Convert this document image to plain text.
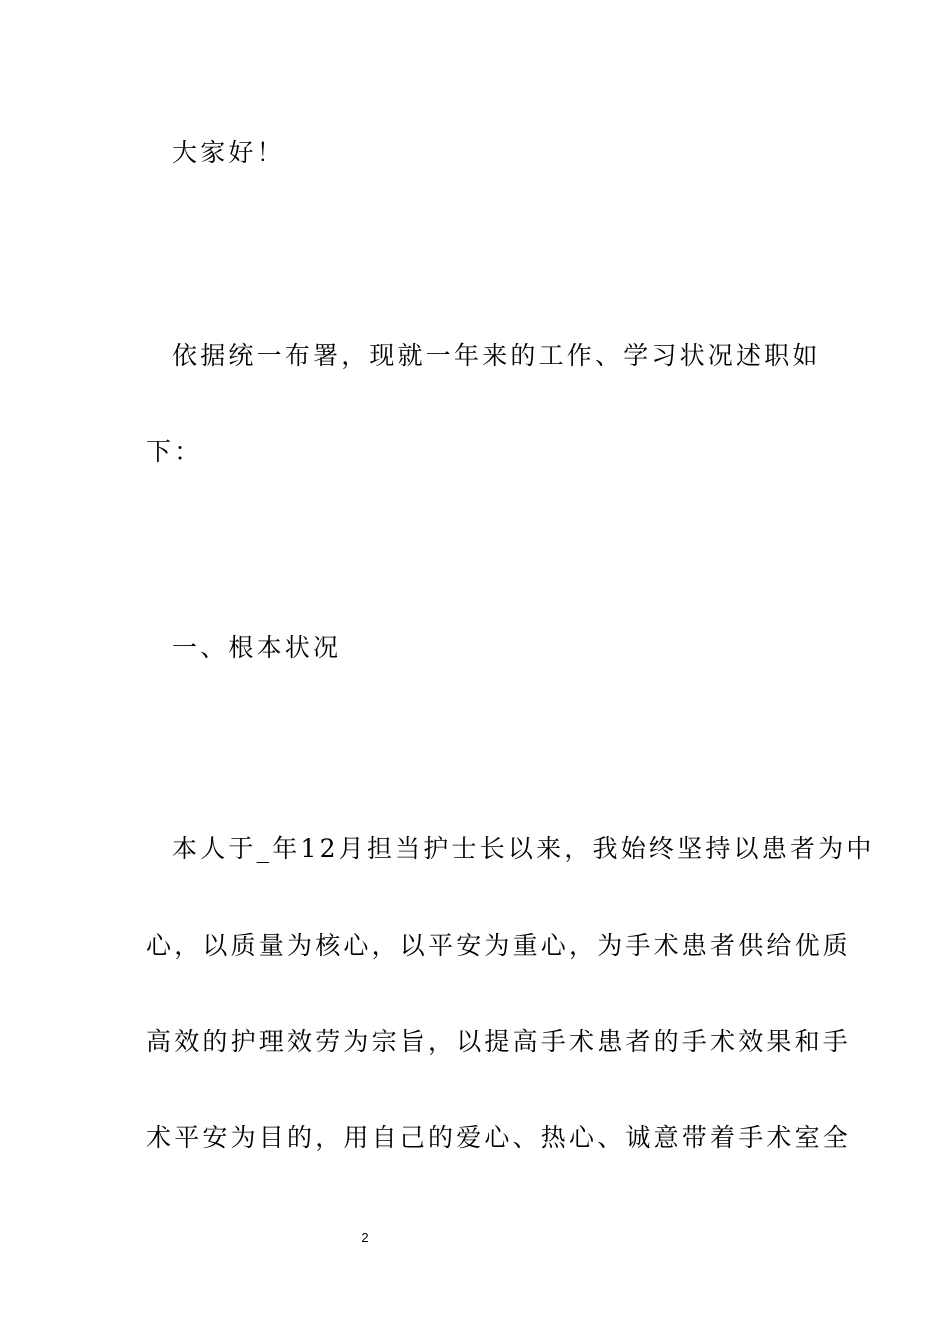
大家好！
依据统一布署，现就一年来的工作、学习状况述职如
下：
一、根本状况
本人于_年12月担当护士长以来，我始终坚持以患者为中
心，以质量为核心，以平安为重心，为手术患者供给优质
高效的护理效劳为宗旨，以提高手术患者的手术效果和手
术平安为目的，用自己的爱心、热心、诚意带着手术室全
2
